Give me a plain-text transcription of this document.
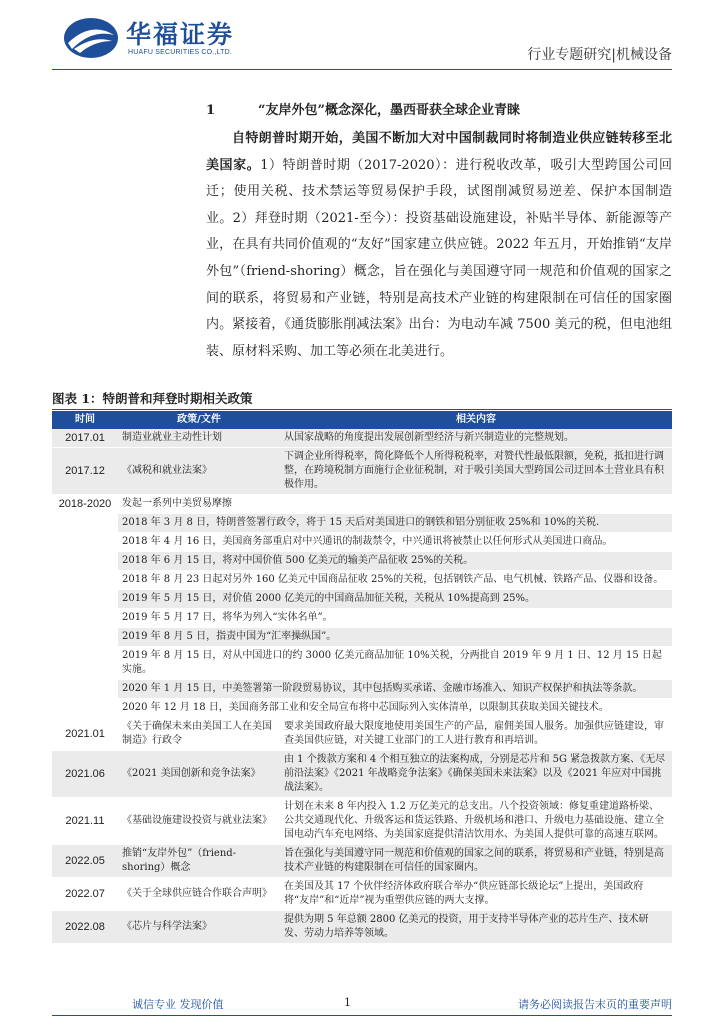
华福证券
HUAFU SECURITIES CO.,LTD.	行业专题研究|机械设备
1	“友岸外包”概念深化，墨西哥获全球企业青睐

自特朗普时期开始，美国不断加大对中国制裁同时将制造业供应链转移至北美国家。1）特朗普时期（2017-2020）：进行税收改革，吸引大型跨国公司回迁；使用关税、技术禁运等贸易保护手段，试图削减贸易逆差、保护本国制造业。2）拜登时期（2021-至今）：投资基础设施建设，补贴半导体、新能源等产业，在具有共同价值观的“友好”国家建立供应链。2022 年五月，开始推销“友岸外包”（friend-shoring）概念，旨在强化与美国遵守同一规范和价值观的国家之间的联系，将贸易和产业链，特别是高技术产业链的构建限制在可信任的国家圈内。紧接着，《通货膨胀削减法案》出台：为电动车减 7500 美元的税，但电池组装、原材料采购、加工等必须在北美进行。

图表 1：特朗普和拜登时期相关政策
时间	政策/文件	相关内容
2017.01	制造业就业主动性计划	从国家战略的角度提出发展创新型经济与新兴制造业的完整规划。
2017.12	《减税和就业法案》	下调企业所得税率，简化降低个人所得税税率，对赞代性最低限额，免税，抵扣进行调整，在跨境税制方面施行企业征税制，对于吸引美国大型跨国公司迂回本土营业具有积极作用。
2018-2020	发起一系列中美贸易摩擦	
	2018 年 3 月 8 日，特朗普签署行政令，将于 15 天后对美国进口的钢铁和铝分别征收 25%和 10%的关税.	
	2018 年 4 月 16 日，美国商务部重启对中兴通讯的制裁禁令，中兴通讯将被禁止以任何形式从美国进口商品。	
	2018 年 6 月 15 日，将对中国价值 500 亿美元的输美产品征收 25%的关税。	
	2018 年 8 月 23 日起对另外 160 亿美元中国商品征收 25%的关税，包括钢铁产品、电气机械、铁路产品、仪器和设备。	
	2019 年 5 月 15 日，对价值 2000 亿美元的中国商品加征关税，关税从 10%提高到 25%。	
	2019 年 5 月 17 日，将华为列入“实体名单”。	
	2019 年 8 月 5 日，指责中国为“汇率操纵国”。	
	2019 年 8 月 15 日，对从中国进口的约 3000 亿美元商品加征 10%关税，分两批自 2019 年 9 月 1 日、12 月 15 日起实施。	
	2020 年 1 月 15 日，中美签署第一阶段贸易协议，其中包括购买承诺、金融市场准入、知识产权保护和执法等条款。	
	2020 年 12 月 18 日，美国商务部工业和安全局宣布将中芯国际列入实体清单，以限制其获取美国关键技术。	
2021.01	《关于确保未来由美国工人在美国制造》行政令	要求美国政府最大限度地使用美国生产的产品，雇佣美国人服务。加强供应链建设，审查美国供应链，对关键工业部门的工人进行教育和再培训。
2021.06	《2021 美国创新和竞争法案》	由 1 个拨款方案和 4 个相互独立的法案构成，分别是芯片和 5G 紧急拨款方案、《无尽前沿法案》《2021 年战略竞争法案》《确保美国未来法案》以及《2021 年应对中国挑战法案》。
2021.11	《基础设施建设投资与就业法案》	计划在未来 8 年内投入 1.2 万亿美元的总支出。八个投资领域：修复重建道路桥梁、公共交通现代化、升级客运和货运铁路、升级机场和港口、升级电力基础设施、建立全国电动汽车充电网络、为美国家庭提供清洁饮用水、为美国人提供可靠的高速互联网。
2022.05	推销“友岸外包”（friend-shoring）概念	旨在强化与美国遵守同一规范和价值观的国家之间的联系，将贸易和产业链，特别是高技术产业链的构建限制在可信任的国家圈内。
2022.07	《关于全球供应链合作联合声明》	在美国及其 17 个伙伴经济体政府联合举办“供应链部长级论坛”上提出，美国政府将“友岸”和“近岸”视为重塑供应链的两大支撑。
2022.08	《芯片与科学法案》	提供为期 5 年总额 2800 亿美元的投资，用于支持半导体产业的芯片生产、技术研发、劳动力培养等领域。
诚信专业 发现价值	1	请务必阅读报告末页的重要声明
